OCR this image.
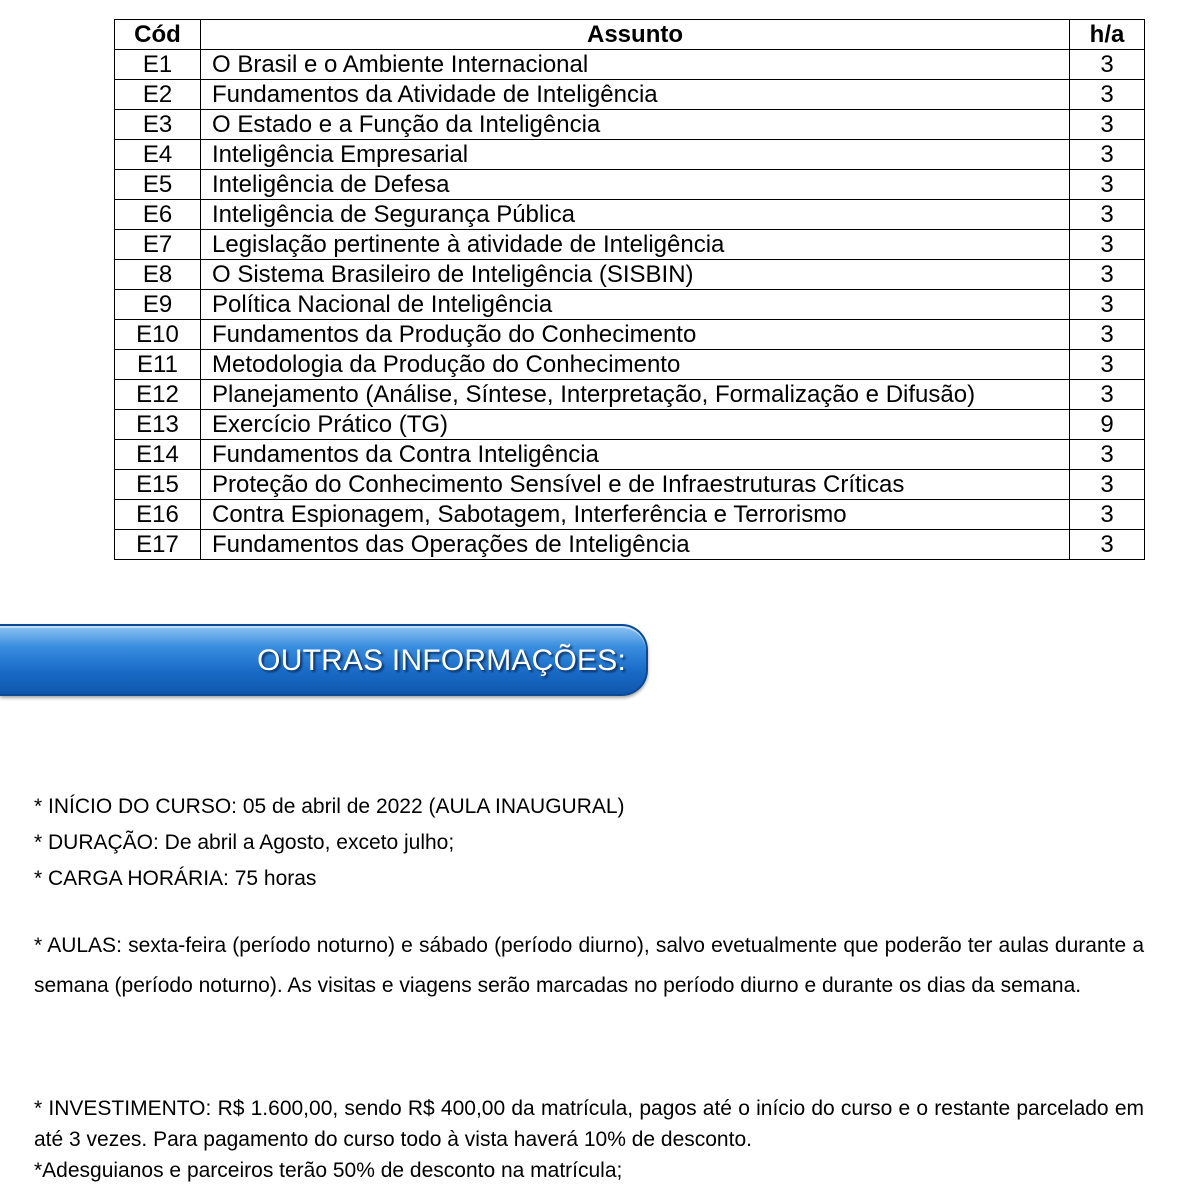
Cód	Assunto	h/a
E1	O Brasil e o Ambiente Internacional	3
E2	Fundamentos da Atividade de Inteligência	3
E3	O Estado e a Função da Inteligência	3
E4	Inteligência Empresarial	3
E5	Inteligência de Defesa	3
E6	Inteligência de Segurança Pública	3
E7	Legislação pertinente à atividade de Inteligência	3
E8	O Sistema Brasileiro de Inteligência (SISBIN)	3
E9	Política Nacional de Inteligência	3
E10	Fundamentos da Produção do Conhecimento	3
E11	Metodologia da Produção do Conhecimento	3
E12	Planejamento (Análise, Síntese, Interpretação, Formalização e Difusão)	3
E13	Exercício Prático (TG)	9
E14	Fundamentos da Contra Inteligência	3
E15	Proteção do Conhecimento Sensível e de Infraestruturas Críticas	3
E16	Contra Espionagem, Sabotagem, Interferência e Terrorismo	3
E17	Fundamentos das Operações de Inteligência	3
OUTRAS INFORMAÇÕES:
* INÍCIO DO CURSO: 05 de abril de 2022 (AULA INAUGURAL)
* DURAÇÃO: De abril a Agosto, exceto julho;
* CARGA HORÁRIA: 75 horas
* AULAS: sexta-feira (período noturno) e sábado (período diurno), salvo evetualmente que poderão ter aulas durante a semana (período noturno). As visitas e viagens serão marcadas no período diurno e durante os dias da semana.
* INVESTIMENTO: R$ 1.600,00, sendo R$ 400,00 da matrícula, pagos até o início do curso e o restante parcelado em até 3 vezes. Para pagamento do curso todo à vista haverá 10% de desconto.
*Adesguianos e parceiros terão 50% de desconto na matrícula;
